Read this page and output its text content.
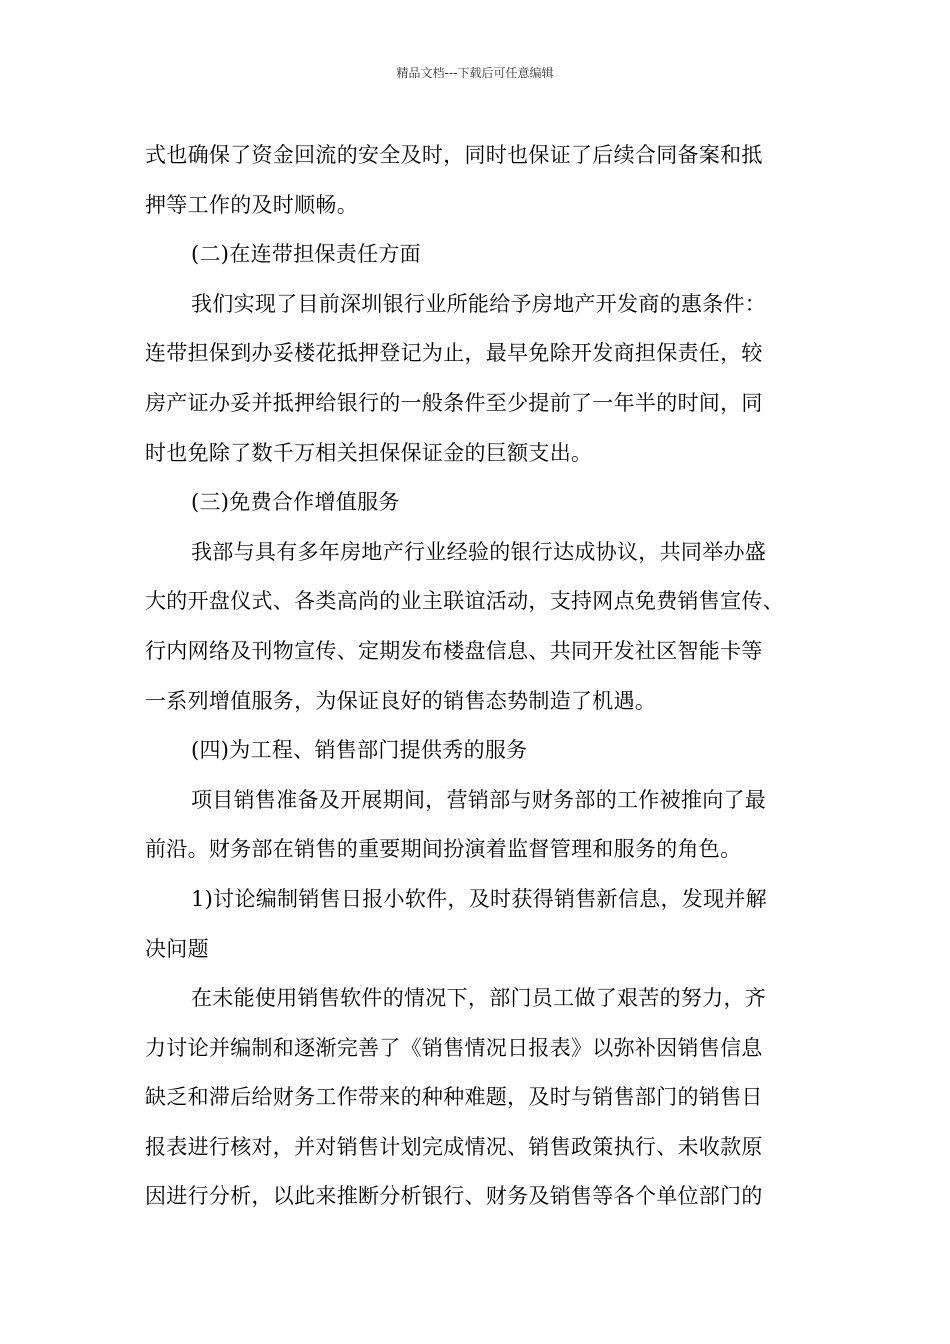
精品文档---下载后可任意编辑
式也确保了资金回流的安全及时，同时也保证了后续合同备案和抵
押等工作的及时顺畅。
(二)在连带担保责任方面
我们实现了目前深圳银行业所能给予房地产开发商的惠条件：
连带担保到办妥楼花抵押登记为止，最早免除开发商担保责任，较
房产证办妥并抵押给银行的一般条件至少提前了一年半的时间，同
时也免除了数千万相关担保保证金的巨额支出。
(三)免费合作增值服务
我部与具有多年房地产行业经验的银行达成协议，共同举办盛
大的开盘仪式、各类高尚的业主联谊活动，支持网点免费销售宣传、
行内网络及刊物宣传、定期发布楼盘信息、共同开发社区智能卡等
一系列增值服务，为保证良好的销售态势制造了机遇。
(四)为工程、销售部门提供秀的服务
项目销售准备及开展期间，营销部与财务部的工作被推向了最
前沿。财务部在销售的重要期间扮演着监督管理和服务的角色。
1)讨论编制销售日报小软件，及时获得销售新信息，发现并解
决问题
在未能使用销售软件的情况下，部门员工做了艰苦的努力，齐
力讨论并编制和逐渐完善了《销售情况日报表》以弥补因销售信息
缺乏和滞后给财务工作带来的种种难题，及时与销售部门的销售日
报表进行核对，并对销售计划完成情况、销售政策执行、未收款原
因进行分析，以此来推断分析银行、财务及销售等各个单位部门的
